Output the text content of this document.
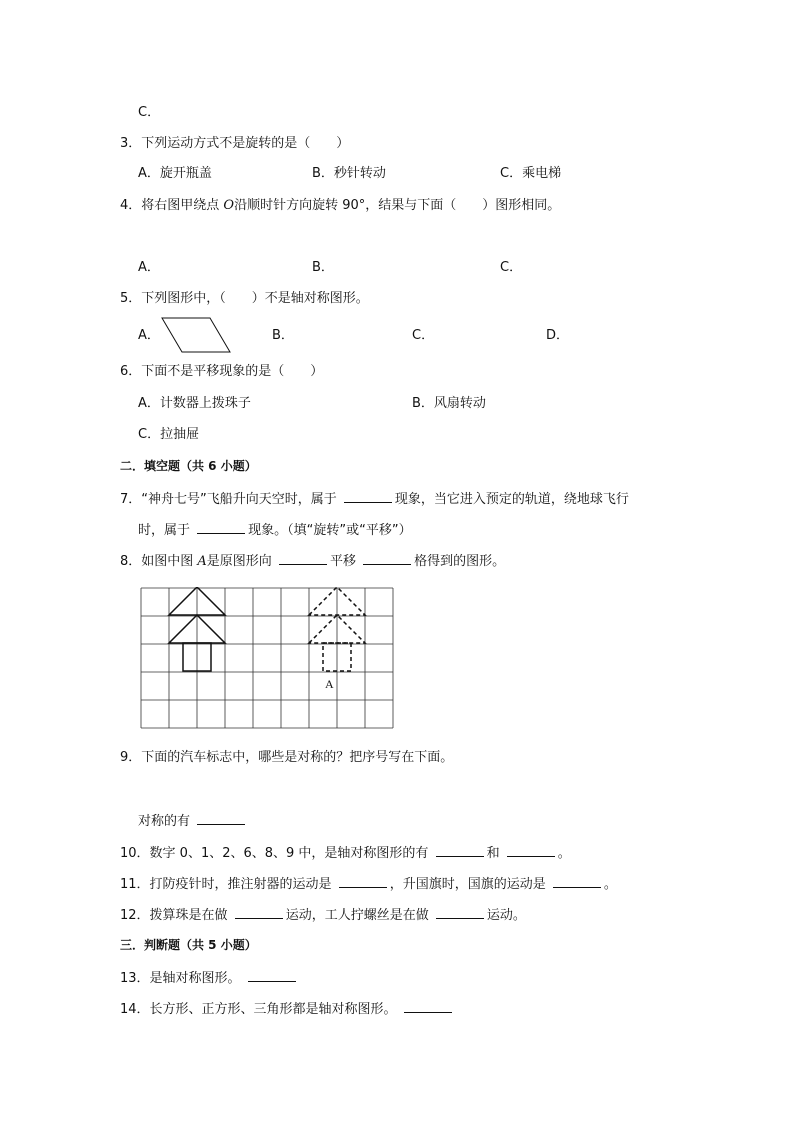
C．
3．下列运动方式不是旋转的是（　　）
A．旋开瓶盖	B．秒针转动	C．乘电梯
4．将右图甲绕点 O沿顺时针方向旋转 90°，结果与下面（　　）图形相同。
A．	B．	C．
5．下列图形中，（　　）不是轴对称图形。
A．	B．	C．	D．
6．下面不是平移现象的是（　　）
A．计数器上拨珠子	B．风扇转动
C．拉抽屉
二．填空题（共 6 小题）
7．“神舟七号”飞船升向天空时，属于	现象，当它进入预定的轨道，绕地球飞行
时，属于	现象。（填“旋转”或“平移”）
8．如图中图 A是原图形向	平移	格得到的图形。
A
9．下面的汽车标志中，哪些是对称的？把序号写在下面。
对称的有
10．数字 0、1、2、6、8、9 中，是轴对称图形的有	和	。
11．打防疫针时，推注射器的运动是	，升国旗时，国旗的运动是	。
12．拨算珠是在做	运动，工人拧螺丝是在做	运动。
三．判断题（共 5 小题）
13．是轴对称图形。
14．长方形、正方形、三角形都是轴对称图形。
